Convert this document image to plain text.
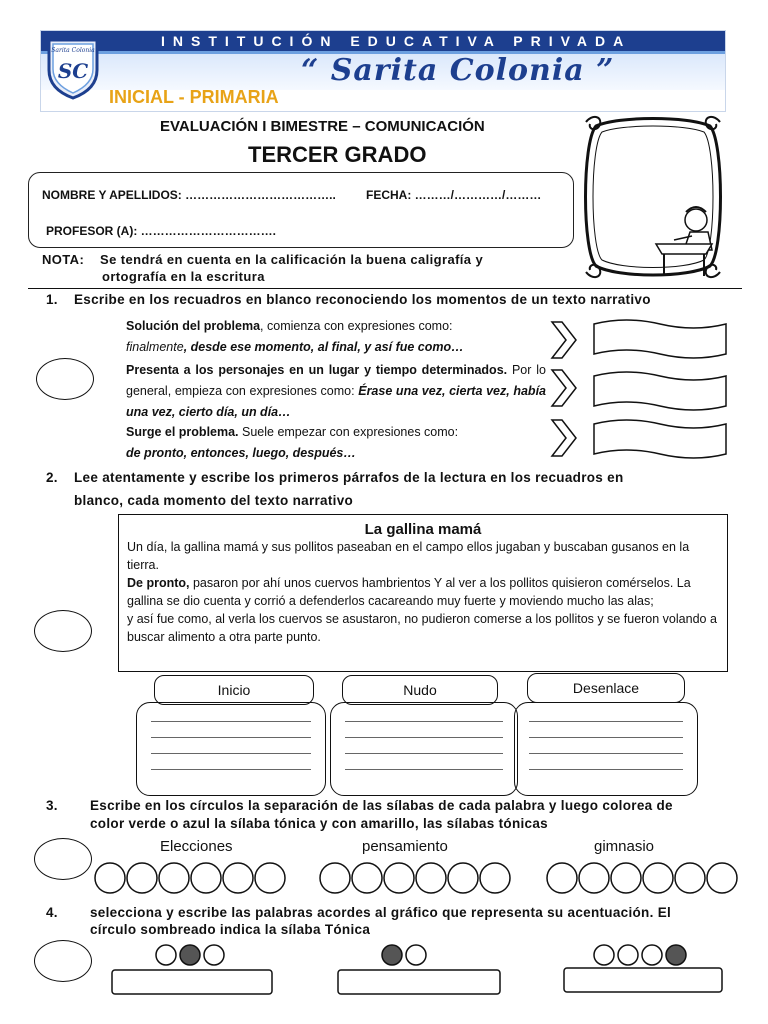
INSTITUCIÓN EDUCATIVA PRIVADA
“ Sarita Colonia ”
INICIAL - PRIMARIA
Sarita Colonia
SC
EVALUACIÓN I BIMESTRE – COMUNICACIÓN
TERCER GRADO
NOMBRE Y APELLIDOS: ………………………………..	FECHA: ………/…………/………
PROFESOR (A): …………………………….
NOTA: Se tendrá en cuenta en la calificación la buena caligrafía y
ortografía en la escritura
1. Escribe en los recuadros en blanco reconociendo los momentos de un texto narrativo
Solución del problema, comienza con expresiones como:
finalmente, desde ese momento, al final, y así fue como…
Presenta a los personajes en un lugar y tiempo determinados. Por lo general, empieza con expresiones como: Érase una vez, cierta vez, había una vez, cierto día, un día…
Surge el problema. Suele empezar con expresiones como:
de pronto, entonces, luego, después…
2. Lee atentamente y escribe los primeros párrafos de la lectura en los recuadros en
blanco, cada momento del texto narrativo
La gallina mamá
Un día, la gallina mamá y sus pollitos paseaban en el campo ellos jugaban y buscaban gusanos en la tierra.
De pronto, pasaron por ahí unos cuervos hambrientos Y al ver a los pollitos quisieron comérselos. La gallina se dio cuenta y corrió a defenderlos cacareando muy fuerte y moviendo mucho las alas;
y así fue como, al verla los cuervos se asustaron, no pudieron comerse a los pollitos y se fueron volando a buscar alimento a otra parte punto.
Inicio	Nudo	Desenlace
3. Escribe en los círculos la separación de las sílabas de cada palabra y luego colorea de
color verde o azul la sílaba tónica y con amarillo, las sílabas tónicas
Elecciones	pensamiento	gimnasio
4. selecciona y escribe las palabras acordes al gráfico que representa su acentuación. El
círculo sombreado indica la sílaba Tónica
